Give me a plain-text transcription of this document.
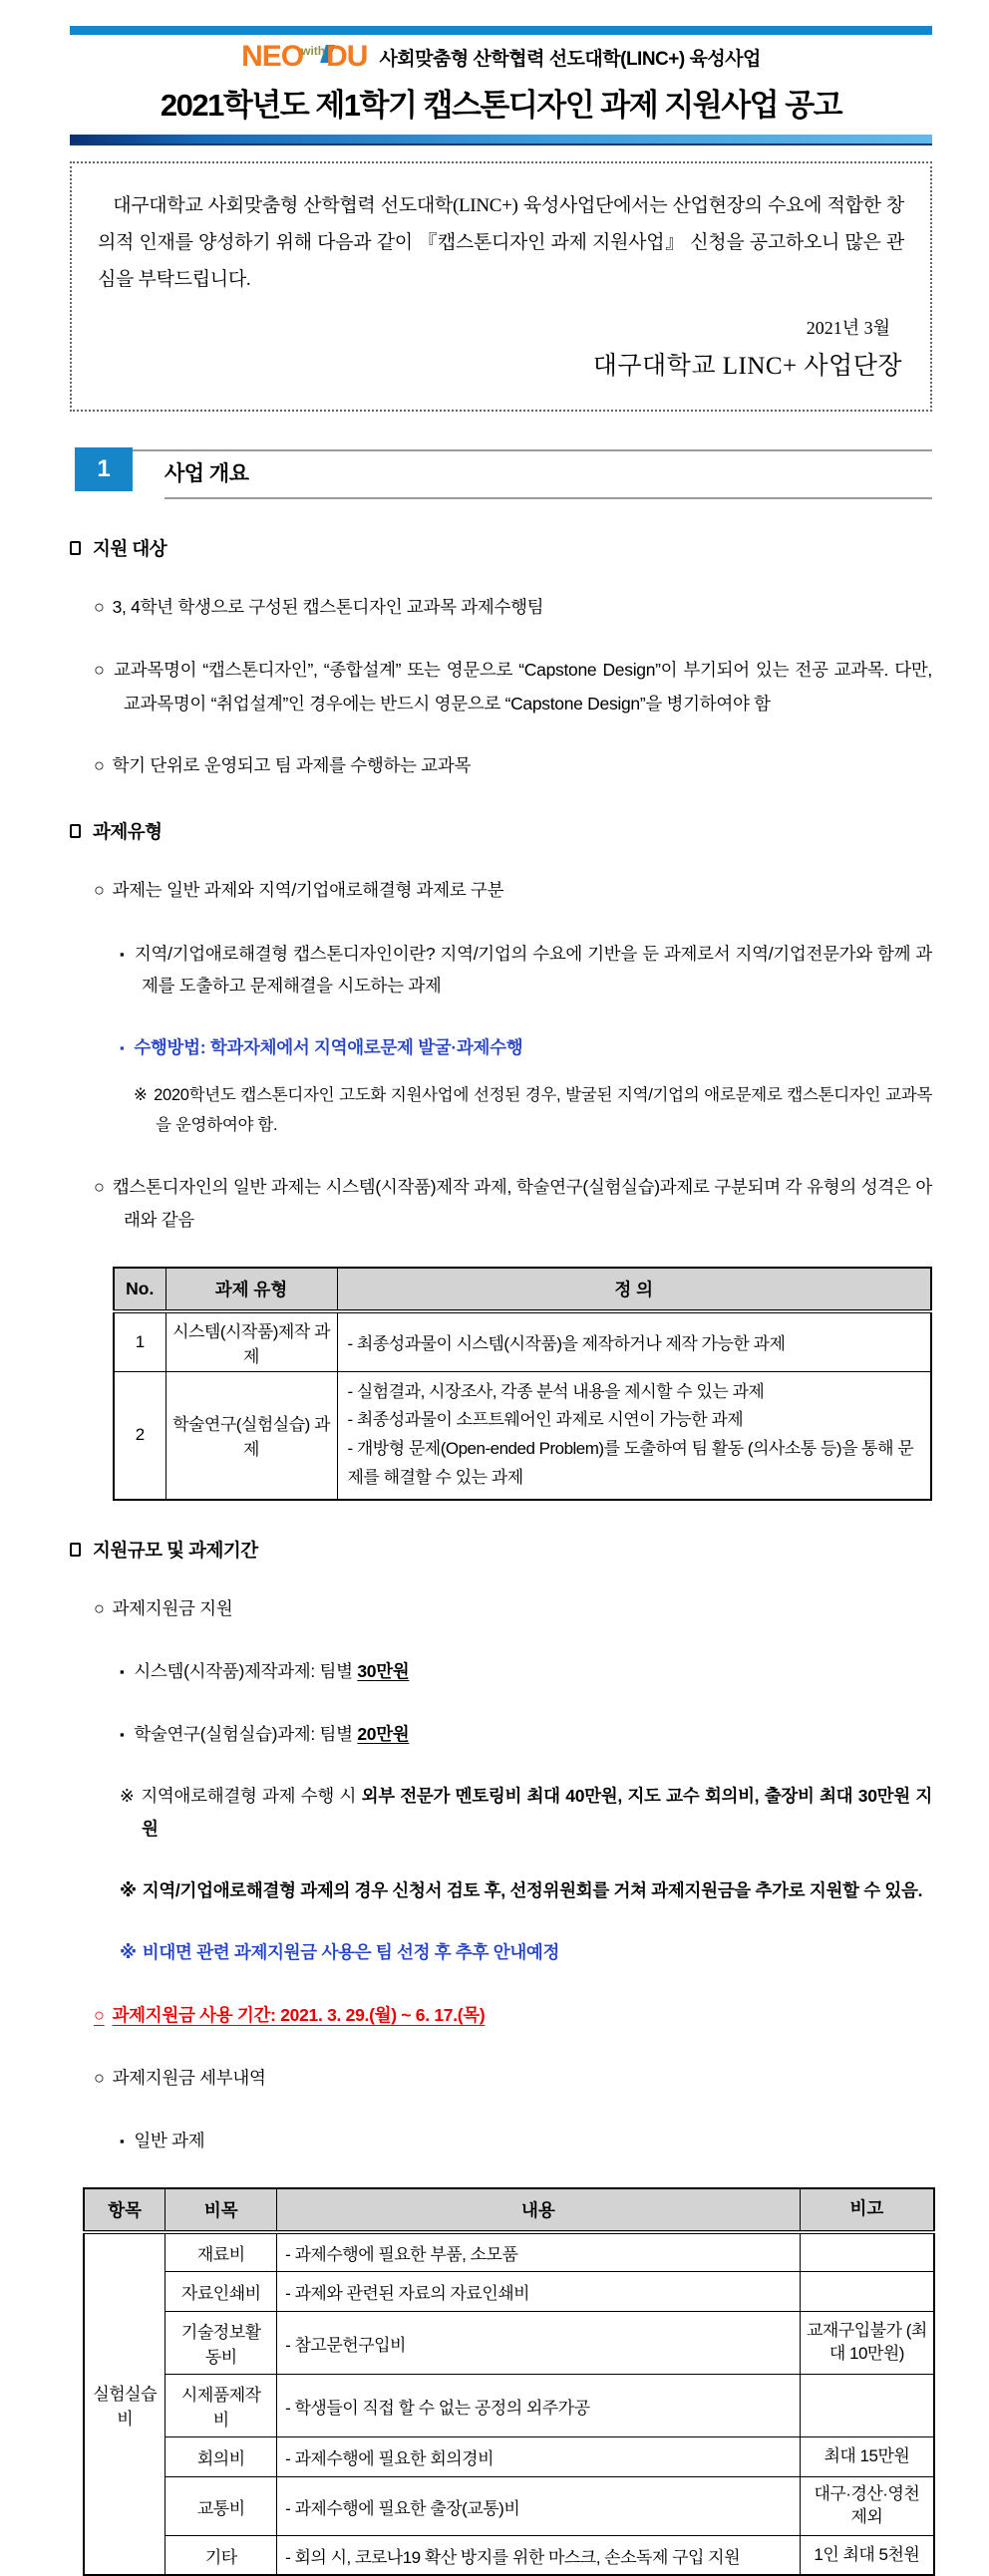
NEO
with DU 사회맞춤형 산학협력 선도대학(LINC+) 육성사업
2021학년도 제1학기 캡스톤디자인 과제 지원사업 공고

대구대학교 사회맞춤형 산학협력 선도대학(LINC+) 육성사업단에서는 산업현장의 수요에 적합한 창의적 인재를 양성하기 위해 다음과 같이 『캡스톤디자인 과제 지원사업』 신청을 공고하오니 많은 관심을 부탁드립니다.

2021년 3월
대구대학교 LINC+ 사업단장
1	사업 개요
지원 대상

○ 3, 4학년 학생으로 구성된 캡스톤디자인 교과목 과제수행팀

○ 교과목명이 “캡스톤디자인”, “종합설계” 또는 영문으로 “Capstone Design”이 부기되어 있는 전공 교과목. 다만, 교과목명이 “취업설계”인 경우에는 반드시 영문으로 “Capstone Design”을 병기하여야 함

○ 학기 단위로 운영되고 팀 과제를 수행하는 교과목

과제유형

○ 과제는 일반 과제와 지역/기업애로해결형 과제로 구분

▪ 지역/기업애로해결형 캡스톤디자인이란? 지역/기업의 수요에 기반을 둔 과제로서 지역/기업전문가와 함께 과제를 도출하고 문제해결을 시도하는 과제

▪ 수행방법: 학과자체에서 지역애로문제 발굴·과제수행

※ 2020학년도 캡스톤디자인 고도화 지원사업에 선정된 경우, 발굴된 지역/기업의 애로문제로 캡스톤디자인 교과목을 운영하여야 함.

○ 캡스톤디자인의 일반 과제는 시스템(시작품)제작 과제, 학술연구(실험실습)과제로 구분되며 각 유형의 성격은 아래와 같음

No.	과제 유형	정 의
1	시스템(시작품)제작 과제	- 최종성과물이 시스템(시작품)을 제작하거나 제작 가능한 과제
2	학술연구(실험실습) 과제	- 실험결과, 시장조사, 각종 분석 내용을 제시할 수 있는 과제
- 최종성과물이 소프트웨어인 과제로 시연이 가능한 과제
- 개방형 문제(Open-ended Problem)를 도출하여 팀 활동 (의사소통 등)을 통해 문제를 해결할 수 있는 과제
지원규모 및 과제기간

○ 과제지원금 지원

▪ 시스템(시작품)제작과제: 팀별 30만원

▪ 학술연구(실험실습)과제: 팀별 20만원

※ 지역애로해결형 과제 수행 시 외부 전문가 멘토링비 최대 40만원, 지도 교수 회의비, 출장비 최대 30만원 지원

※ 지역/기업애로해결형 과제의 경우 신청서 검토 후, 선정위원회를 거쳐 과제지원금을 추가로 지원할 수 있음.

※ 비대면 관련 과제지원금 사용은 팀 선정 후 추후 안내예정

○ 과제지원금 사용 기간: 2021. 3. 29.(월) ~ 6. 17.(목)

○ 과제지원금 세부내역

▪ 일반 과제

항목	비목	내용	비고
실험실습비	재료비	- 과제수행에 필요한 부품, 소모품	
	자료인쇄비	- 과제와 관련된 자료의 자료인쇄비	
	기술정보활동비	- 참고문헌구입비	교재구입불가 (최대 10만원)
	시제품제작비	- 학생들이 직접 할 수 없는 공정의 외주가공	
	회의비	- 과제수행에 필요한 회의경비	최대 15만원
	교통비	- 과제수행에 필요한 출장(교통)비	대구·경산·영천 제외
	기타	- 회의 시, 코로나19 확산 방지를 위한 마스크, 손소독제 구입 지원	1인 최대 5천원
